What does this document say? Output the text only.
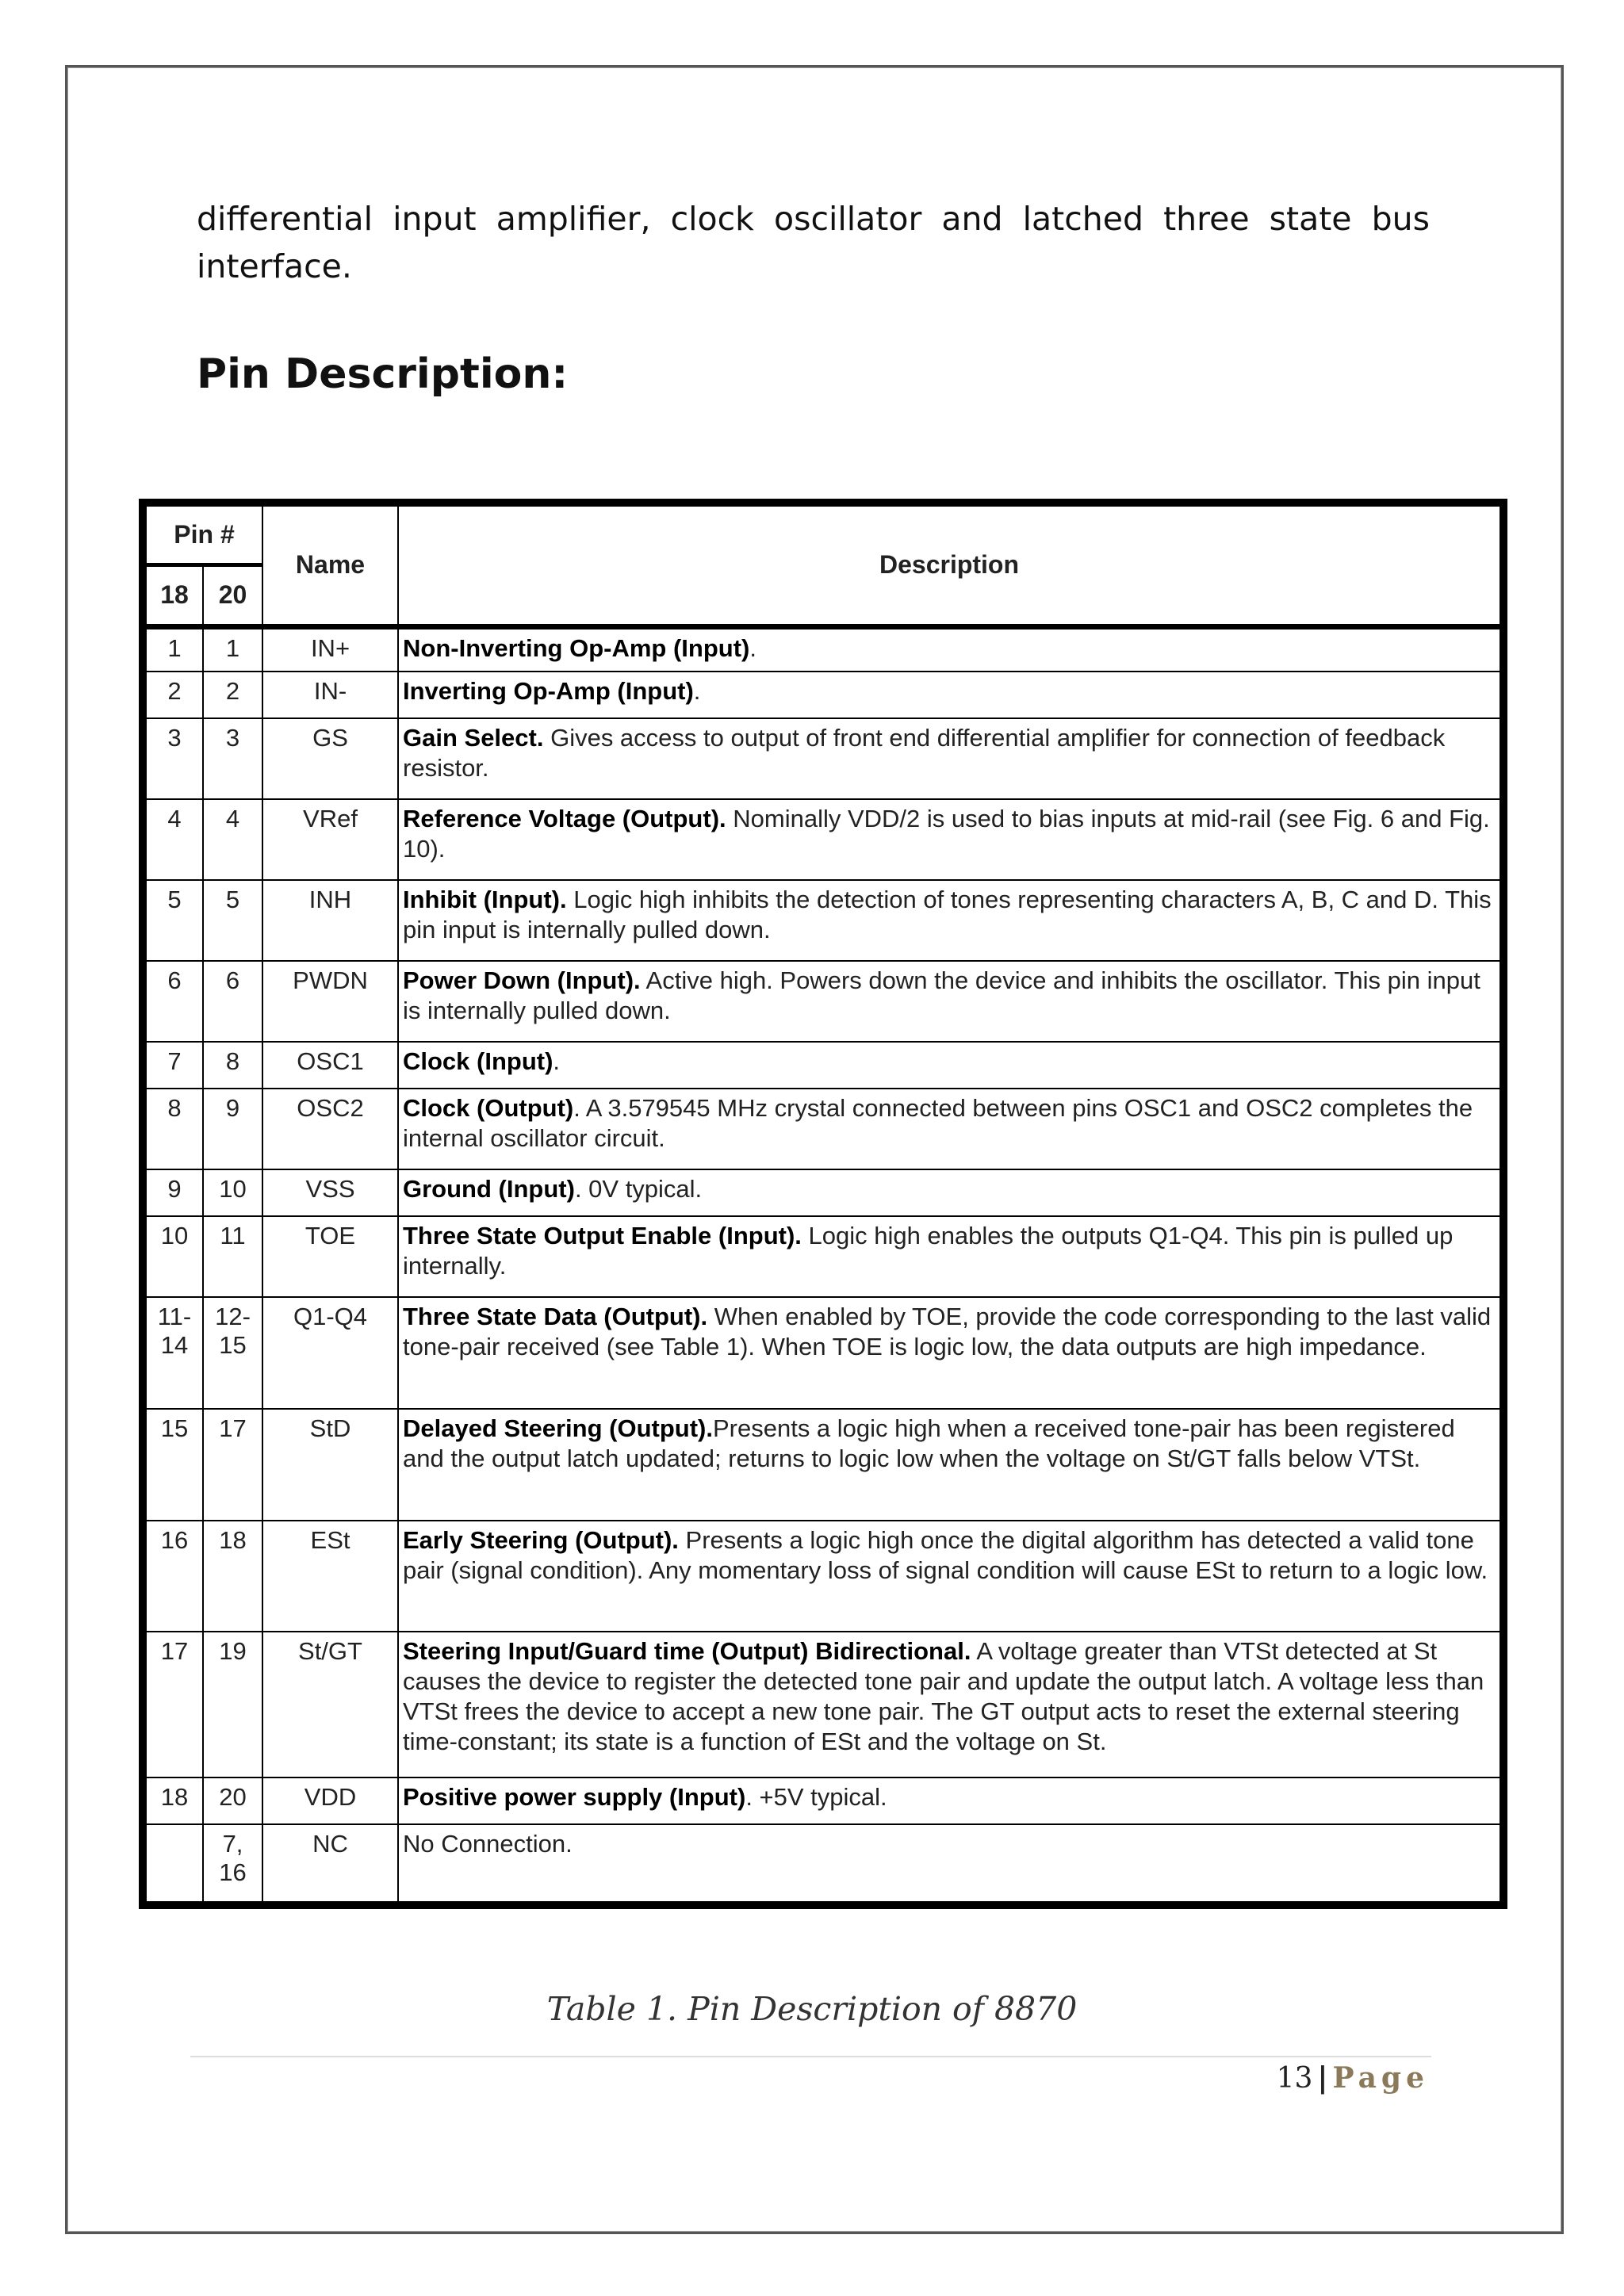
differential input amplifier, clock oscillator and latched three state bus interface.
Pin Description:
Pin #		Name	Description
18	20		
1	1	IN+	Non-Inverting Op-Amp (Input).
2	2	IN-	Inverting Op-Amp (Input).
3	3	GS	Gain Select. Gives access to output of front end differential amplifier for connection of feedback resistor.
4	4	VRef	Reference Voltage (Output). Nominally VDD/2 is used to bias inputs at mid-rail (see Fig. 6 and Fig. 10).
5	5	INH	Inhibit (Input). Logic high inhibits the detection of tones representing characters A, B, C and D. This pin input is internally pulled down.
6	6	PWDN	Power Down (Input). Active high. Powers down the device and inhibits the oscillator. This pin input is internally pulled down.
7	8	OSC1	Clock (Input).
8	9	OSC2	Clock (Output). A 3.579545 MHz crystal connected between pins OSC1 and OSC2 completes the internal oscillator circuit.
9	10	VSS	Ground (Input). 0V typical.
10	11	TOE	Three State Output Enable (Input). Logic high enables the outputs Q1-Q4. This pin is pulled up internally.
11-14	12-15	Q1-Q4	Three State Data (Output). When enabled by TOE, provide the code corresponding to the last valid tone-pair received (see Table 1). When TOE is logic low, the data outputs are high impedance.
15	17	StD	Delayed Steering (Output).Presents a logic high when a received tone-pair has been registered and the output latch updated; returns to logic low when the voltage on St/GT falls below VTSt.
16	18	ESt	Early Steering (Output). Presents a logic high once the digital algorithm has detected a valid tone pair (signal condition). Any momentary loss of signal condition will cause ESt to return to a logic low.
17	19	St/GT	Steering Input/Guard time (Output) Bidirectional. A voltage greater than VTSt detected at St causes the device to register the detected tone pair and update the output latch. A voltage less than VTSt frees the device to accept a new tone pair. The GT output acts to reset the external steering time-constant; its state is a function of ESt and the voltage on St.
18	20	VDD	Positive power supply (Input). +5V typical.
	7, 16	NC	No Connection.
Table 1. Pin Description of 8870
13 | Page
